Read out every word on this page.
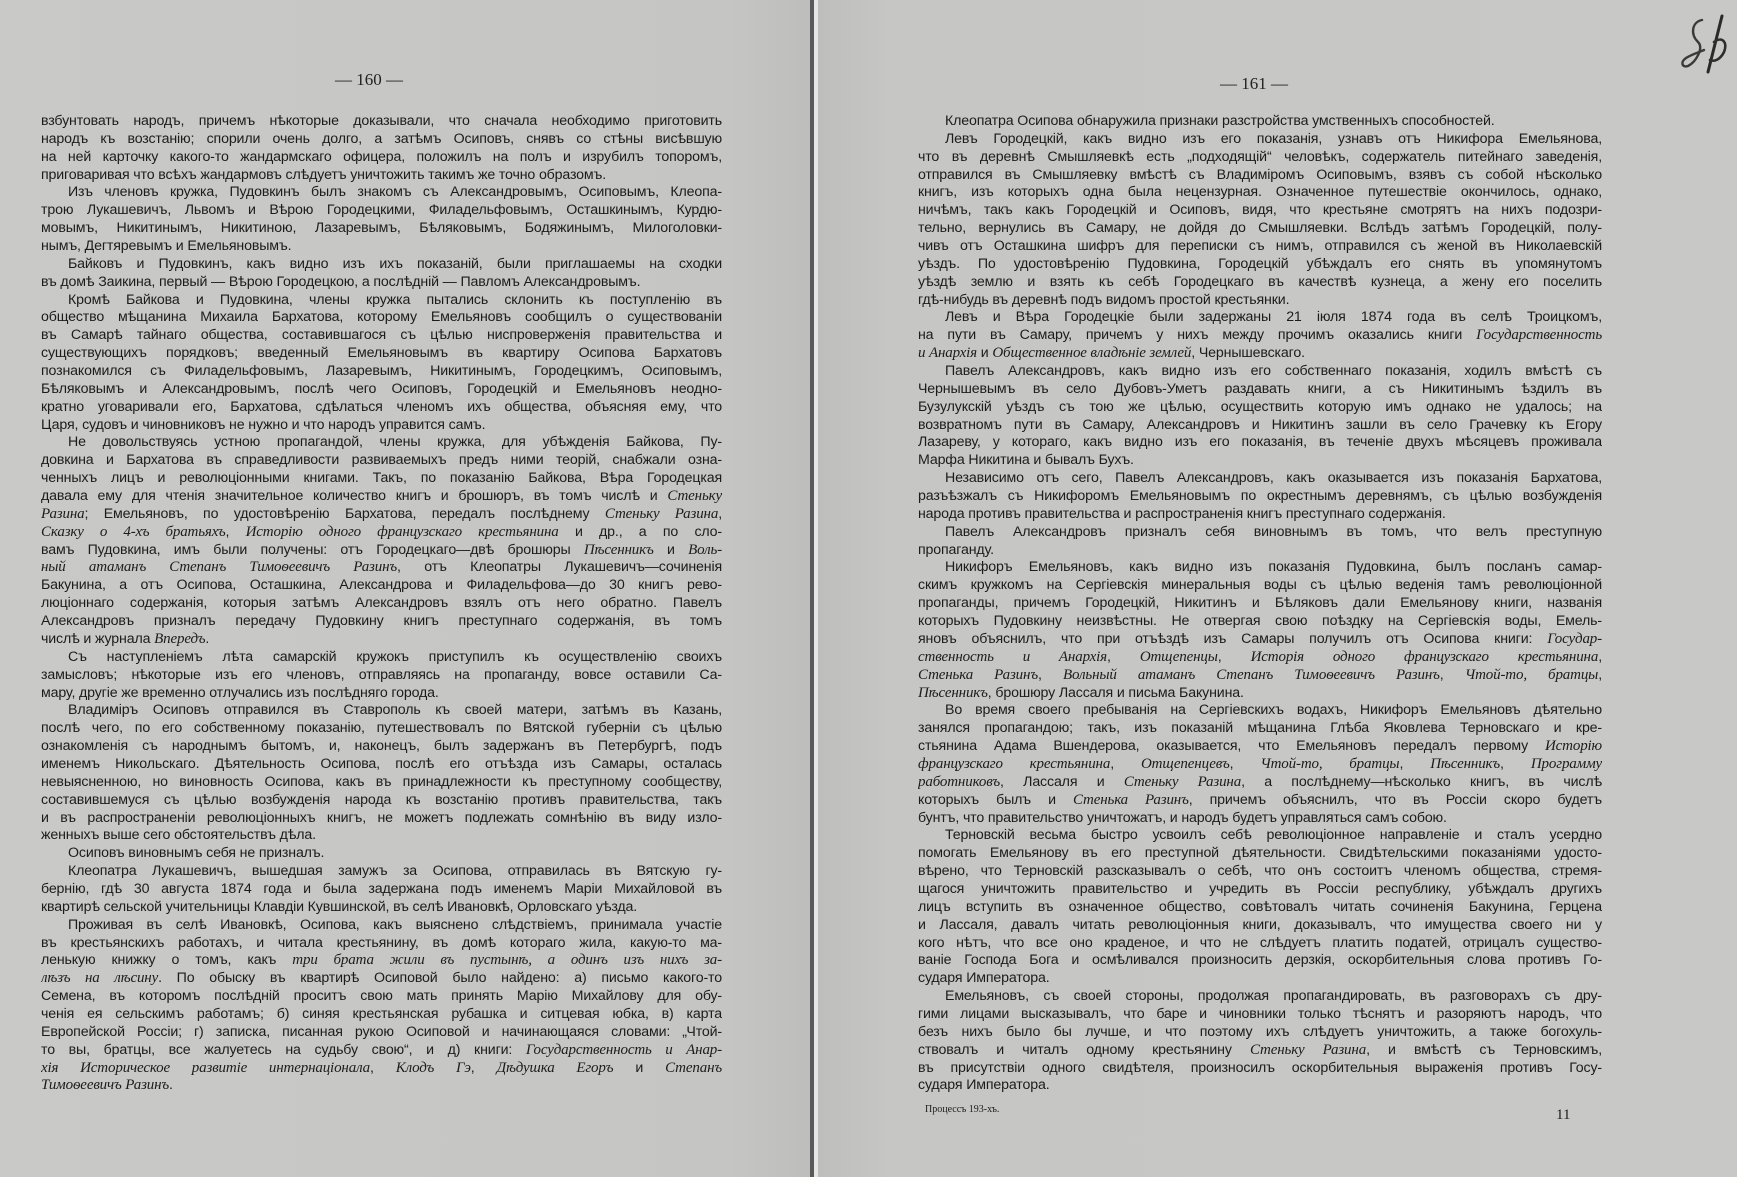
— 160 —	— 161 —
взбунтовать народъ, причемъ нѣкоторые доказывали, что сначала необходимо приготовить
народъ къ возстанію; спорили очень долго, а затѣмъ Осиповъ, снявъ со стѣны висѣвшую
на ней карточку какого-то жандармскаго офицера, положилъ на полъ и изрубилъ топоромъ,
приговаривая что всѣхъ жандармовъ слѣдуетъ уничтожить такимъ же точно образомъ.
Изъ членовъ кружка, Пудовкинъ былъ знакомъ съ Александровымъ, Осиповымъ, Клеопа-
трою Лукашевичъ, Львомъ и Вѣрою Городецкими, Филадельфовымъ, Осташкинымъ, Курдю-
мовымъ, Никитинымъ, Никитиною, Лазаревымъ, Бѣляковымъ, Бодяжинымъ, Милоголовки-
нымъ, Дегтяревымъ и Емельяновымъ.
Байковъ и Пудовкинъ, какъ видно изъ ихъ показаній, были приглашаемы на сходки
въ домѣ Заикина, первый — Вѣрою Городецкою, а послѣдній — Павломъ Александровымъ.
Кромѣ Байкова и Пудовкина, члены кружка пытались склонить къ поступленію въ
общество мѣщанина Михаила Бархатова, которому Емельяновъ сообщилъ о существованіи
въ Самарѣ тайнаго общества, составившагося съ цѣлью ниспроверженія правительства и
существующихъ порядковъ; введенный Емельяновымъ въ квартиру Осипова Бархатовъ
познакомился съ Филадельфовымъ, Лазаревымъ, Никитинымъ, Городецкимъ, Осиповымъ,
Бѣляковымъ и Александровымъ, послѣ чего Осиповъ, Городецкій и Емельяновъ неодно-
кратно уговаривали его, Бархатова, сдѣлаться членомъ ихъ общества, объясняя ему, что
Царя, судовъ и чиновниковъ не нужно и что народъ управится самъ.
Не довольствуясь устною пропагандой, члены кружка, для убѣжденія Байкова, Пу-
довкина и Бархатова въ справедливости развиваемыхъ предъ ними теорій, снабжали озна-
ченныхъ лицъ и революціонными книгами. Такъ, по показанію Байкова, Вѣра Городецкая
давала ему для чтенія значительное количество книгъ и брошюръ, въ томъ числѣ и Стеньку
Разина; Емельяновъ, по удостовѣренію Бархатова, передалъ послѣднему Стеньку Разина,
Сказку о 4-хъ братьяхъ, Исторію одного французскаго крестьянина и др., а по сло-
вамъ Пудовкина, имъ были получены: отъ Городецкаго—двѣ брошюры Пѣсенникъ и Воль-
ный атаманъ Степанъ Тимоѳеевичъ Разинъ, отъ Клеопатры Лукашевичъ—сочиненія
Бакунина, а отъ Осипова, Осташкина, Александрова и Филадельфова—до 30 книгъ рево-
люціоннаго содержанія, которыя затѣмъ Александровъ взялъ отъ него обратно. Павелъ
Александровъ призналъ передачу Пудовкину книгъ преступнаго содержанія, въ томъ
числѣ и журнала Впередъ.
Съ наступленіемъ лѣта самарскій кружокъ приступилъ къ осуществленію своихъ
замысловъ; нѣкоторые изъ его членовъ, отправляясь на пропаганду, вовсе оставили Са-
мару, другіе же временно отлучались изъ послѣдняго города.
Владиміръ Осиповъ отправился въ Ставрополь къ своей матери, затѣмъ въ Казань,
послѣ чего, по его собственному показанію, путешествовалъ по Вятской губерніи съ цѣлью
ознакомленія съ народнымъ бытомъ, и, наконецъ, былъ задержанъ въ Петербургѣ, подъ
именемъ Никольскаго. Дѣятельность Осипова, послѣ его отъѣзда изъ Самары, осталась
невыясненною, но виновность Осипова, какъ въ принадлежности къ преступному сообществу,
составившемуся съ цѣлью возбужденія народа къ возстанію противъ правительства, такъ
и въ распространеніи революціонныхъ книгъ, не можетъ подлежать сомнѣнію въ виду изло-
женныхъ выше сего обстоятельствъ дѣла.
Осиповъ виновнымъ себя не призналъ.
Клеопатра Лукашевичъ, вышедшая замужъ за Осипова, отправилась въ Вятскую гу-
бернію, гдѣ 30 августа 1874 года и была задержана подъ именемъ Маріи Михайловой въ
квартирѣ сельской учительницы Клавдіи Кувшинской, въ селѣ Ивановкѣ, Орловскаго уѣзда.
Проживая въ селѣ Ивановкѣ, Осипова, какъ выяснено слѣдствіемъ, принимала участіе
въ крестьянскихъ работахъ, и читала крестьянину, въ домѣ котораго жила, какую-то ма-
ленькую книжку о томъ, какъ три брата жили въ пустынѣ, а одинъ изъ нихъ за-
лѣзъ на лѣсину. По обыску въ квартирѣ Осиповой было найдено: а) письмо какого-то
Семена, въ которомъ послѣдній проситъ свою мать принять Марію Михайлову для обу-
ченія ея сельскимъ работамъ; б) синяя крестьянская рубашка и ситцевая юбка, в) карта
Европейской Россіи; г) записка, писанная рукою Осиповой и начинающаяся словами: „Чтой-
то вы, братцы, все жалуетесь на судьбу свою“, и д) книги: Государственность и Анар-
хія Историческое развитіе интернаціонала, Клодъ Гэ, Дѣдушка Егоръ и Степанъ
Тимоѳеевичъ Разинъ.
Клеопатра Осипова обнаружила признаки разстройства умственныхъ способностей.
Левъ Городецкій, какъ видно изъ его показанія, узнавъ отъ Никифора Емельянова,
что въ деревнѣ Смышляевкѣ есть „подходящій“ человѣкъ, содержатель питейнаго заведенія,
отправился въ Смышляевку вмѣстѣ съ Владиміромъ Осиповымъ, взявъ съ собой нѣсколько
книгъ, изъ которыхъ одна была нецензурная. Означенное путешествіе окончилось, однако,
ничѣмъ, такъ какъ Городецкій и Осиповъ, видя, что крестьяне смотрятъ на нихъ подозри-
тельно, вернулись въ Самару, не дойдя до Смышляевки. Вслѣдъ затѣмъ Городецкій, полу-
чивъ отъ Осташкина шифръ для переписки съ нимъ, отправился съ женой въ Николаевскій
уѣздъ. По удостовѣренію Пудовкина, Городецкій убѣждалъ его снять въ упомянутомъ
уѣздѣ землю и взять къ себѣ Городецкаго въ качествѣ кузнеца, а жену его поселить
гдѣ-нибудь въ деревнѣ подъ видомъ простой крестьянки.
Левъ и Вѣра Городецкіе были задержаны 21 іюля 1874 года въ селѣ Троицкомъ,
на пути въ Самару, причемъ у нихъ между прочимъ оказались книги Государственность
и Анархія и Общественное владѣніе землей, Чернышевскаго.
Павелъ Александровъ, какъ видно изъ его собственнаго показанія, ходилъ вмѣстѣ съ
Чернышевымъ въ село Дубовъ-Уметъ раздавать книги, а съ Никитинымъ ѣздилъ въ
Бузулукскій уѣздъ съ тою же цѣлью, осуществить которую имъ однако не удалось; на
возвратномъ пути въ Самару, Александровъ и Никитинъ зашли въ село Грачевку къ Егору
Лазареву, у котораго, какъ видно изъ его показанія, въ теченіе двухъ мѣсяцевъ проживала
Марфа Никитина и бывалъ Бухъ.
Независимо отъ сего, Павелъ Александровъ, какъ оказывается изъ показанія Бархатова,
разъѣзжалъ съ Никифоромъ Емельяновымъ по окрестнымъ деревнямъ, съ цѣлью возбужденія
народа противъ правительства и распространенія книгъ преступнаго содержанія.
Павелъ Александровъ призналъ себя виновнымъ въ томъ, что велъ преступную
пропаганду.
Никифоръ Емельяновъ, какъ видно изъ показанія Пудовкина, былъ посланъ самар-
скимъ кружкомъ на Сергіевскія минеральныя воды съ цѣлью веденія тамъ революціонной
пропаганды, причемъ Городецкій, Никитинъ и Бѣляковъ дали Емельянову книги, названія
которыхъ Пудовкину неизвѣстны. Не отвергая свою поѣздку на Сергіевскія воды, Емель-
яновъ объяснилъ, что при отъѣздѣ изъ Самары получилъ отъ Осипова книги: Государ-
ственность и Анархія, Отщепенцы, Исторія одного французскаго крестьянина,
Стенька Разинъ, Вольный атаманъ Степанъ Тимоѳеевичъ Разинъ, Чтой-то, братцы,
Пѣсенникъ, брошюру Лассаля и письма Бакунина.
Во время своего пребыванія на Сергіевскихъ водахъ, Никифоръ Емельяновъ дѣятельно
занялся пропагандою; такъ, изъ показаній мѣщанина Глѣба Яковлева Терновскаго и кре-
стьянина Адама Вшендерова, оказывается, что Емельяновъ передалъ первому Исторію
французскаго крестьянина, Отщепенцевъ, Чтой-то, братцы, Пѣсенникъ, Программу
работниковъ, Лассаля и Стеньку Разина, а послѣднему—нѣсколько книгъ, въ числѣ
которыхъ былъ и Стенька Разинъ, причемъ объяснилъ, что въ Россіи скоро будетъ
бунтъ, что правительство уничтожатъ, и народъ будетъ управляться самъ собою.
Терновскій весьма быстро усвоилъ себѣ революціонное направленіе и сталъ усердно
помогать Емельянову въ его преступной дѣятельности. Свидѣтельскими показаніями удосто-
вѣрено, что Терновскій разсказывалъ о себѣ, что онъ состоитъ членомъ общества, стремя-
щагося уничтожить правительство и учредить въ Россіи республику, убѣждалъ другихъ
лицъ вступить въ означенное общество, совѣтовалъ читать сочиненія Бакунина, Герцена
и Лассаля, давалъ читать революціонныя книги, доказывалъ, что имущества своего ни у
кого нѣтъ, что все оно краденое, и что не слѣдуетъ платить податей, отрицалъ существо-
ваніе Господа Бога и осмѣливался произносить дерзкія, оскорбительныя слова противъ Го-
сударя Императора.
Емельяновъ, съ своей стороны, продолжая пропагандировать, въ разговорахъ съ дру-
гими лицами высказывалъ, что баре и чиновники только тѣснятъ и разоряютъ народъ, что
безъ нихъ было бы лучше, и что поэтому ихъ слѣдуетъ уничтожить, а также богохуль-
ствовалъ и читалъ одному крестьянину Стеньку Разина, и вмѣстѣ съ Терновскимъ,
въ присутствіи одного свидѣтеля, произносилъ оскорбительныя выраженія противъ Госу-
сударя Императора.
Процессъ 193-хъ.	11
